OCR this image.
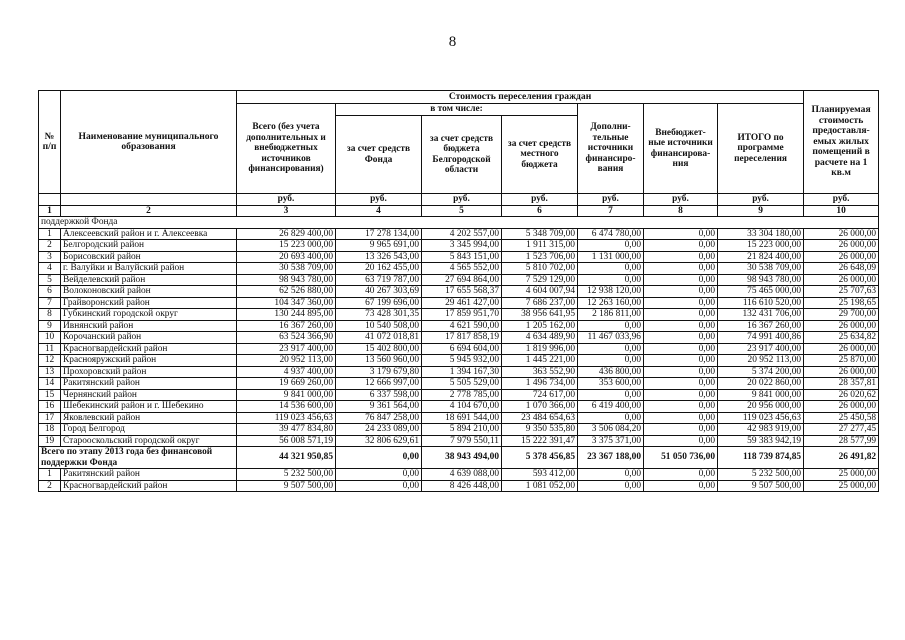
8
№ п/п	Наименование муниципального образования	Стоимость переселения граждан							Планируемая стоимость предоставля- емых жилых помещений в расчете на 1 кв.м
		Всего (без учета дополнительных и внебюджетных источников финансирования)	в том числе:			Дополни- тельные источники финансиро- вания	Внебюджет- ные источники финансирова- ния	ИТОГО по программе переселения	
			за счет средств Фонда	за счет средств бюджета Белгородской области	за счет средств местного бюджета				
		руб.	руб.	руб.	руб.	руб.	руб.	руб.	руб.
1	2	3	4	5	6	7	8	9	10
поддержкой Фонда									
1	Алексеевский район и г. Алексеевка	26 829 400,00	17 278 134,00	4 202 557,00	5 348 709,00	6 474 780,00	0,00	33 304 180,00	26 000,00
2	Белгородский район	15 223 000,00	9 965 691,00	3 345 994,00	1 911 315,00	0,00	0,00	15 223 000,00	26 000,00
3	Борисовский район	20 693 400,00	13 326 543,00	5 843 151,00	1 523 706,00	1 131 000,00	0,00	21 824 400,00	26 000,00
4	г. Валуйки и Валуйский район	30 538 709,00	20 162 455,00	4 565 552,00	5 810 702,00	0,00	0,00	30 538 709,00	26 648,09
5	Вейделевский район	98 943 780,00	63 719 787,00	27 694 864,00	7 529 129,00	0,00	0,00	98 943 780,00	26 000,00
6	Волоконовский район	62 526 880,00	40 267 303,69	17 655 568,37	4 604 007,94	12 938 120,00	0,00	75 465 000,00	25 707,63
7	Грайворонский район	104 347 360,00	67 199 696,00	29 461 427,00	7 686 237,00	12 263 160,00	0,00	116 610 520,00	25 198,65
8	Губкинский городской округ	130 244 895,00	73 428 301,35	17 859 951,70	38 956 641,95	2 186 811,00	0,00	132 431 706,00	29 700,00
9	Ивнянский район	16 367 260,00	10 540 508,00	4 621 590,00	1 205 162,00	0,00	0,00	16 367 260,00	26 000,00
10	Корочанский район	63 524 366,90	41 072 018,81	17 817 858,19	4 634 489,90	11 467 033,96	0,00	74 991 400,86	25 634,82
11	Красногвардейский район	23 917 400,00	15 402 800,00	6 694 604,00	1 819 996,00	0,00	0,00	23 917 400,00	26 000,00
12	Краснояружский район	20 952 113,00	13 560 960,00	5 945 932,00	1 445 221,00	0,00	0,00	20 952 113,00	25 870,00
13	Прохоровский район	4 937 400,00	3 179 679,80	1 394 167,30	363 552,90	436 800,00	0,00	5 374 200,00	26 000,00
14	Ракитянский район	19 669 260,00	12 666 997,00	5 505 529,00	1 496 734,00	353 600,00	0,00	20 022 860,00	28 357,81
15	Чернянский район	9 841 000,00	6 337 598,00	2 778 785,00	724 617,00	0,00	0,00	9 841 000,00	26 020,62
16	Шебекинский район и г. Шебекино	14 536 600,00	9 361 564,00	4 104 670,00	1 070 366,00	6 419 400,00	0,00	20 956 000,00	26 000,00
17	Яковлевский район	119 023 456,63	76 847 258,00	18 691 544,00	23 484 654,63	0,00	0,00	119 023 456,63	25 450,58
18	Город Белгород	39 477 834,80	24 233 089,00	5 894 210,00	9 350 535,80	3 506 084,20	0,00	42 983 919,00	27 277,45
19	Старооскольский городской округ	56 008 571,19	32 806 629,61	7 979 550,11	15 222 391,47	3 375 371,00	0,00	59 383 942,19	28 577,99
Всего по этапу 2013 года без финансовой поддержки Фонда		44 321 950,85	0,00	38 943 494,00	5 378 456,85	23 367 188,00	51 050 736,00	118 739 874,85	26 491,82
1	Ракитянский район	5 232 500,00	0,00	4 639 088,00	593 412,00	0,00	0,00	5 232 500,00	25 000,00
2	Красногвардейский район	9 507 500,00	0,00	8 426 448,00	1 081 052,00	0,00	0,00	9 507 500,00	25 000,00
